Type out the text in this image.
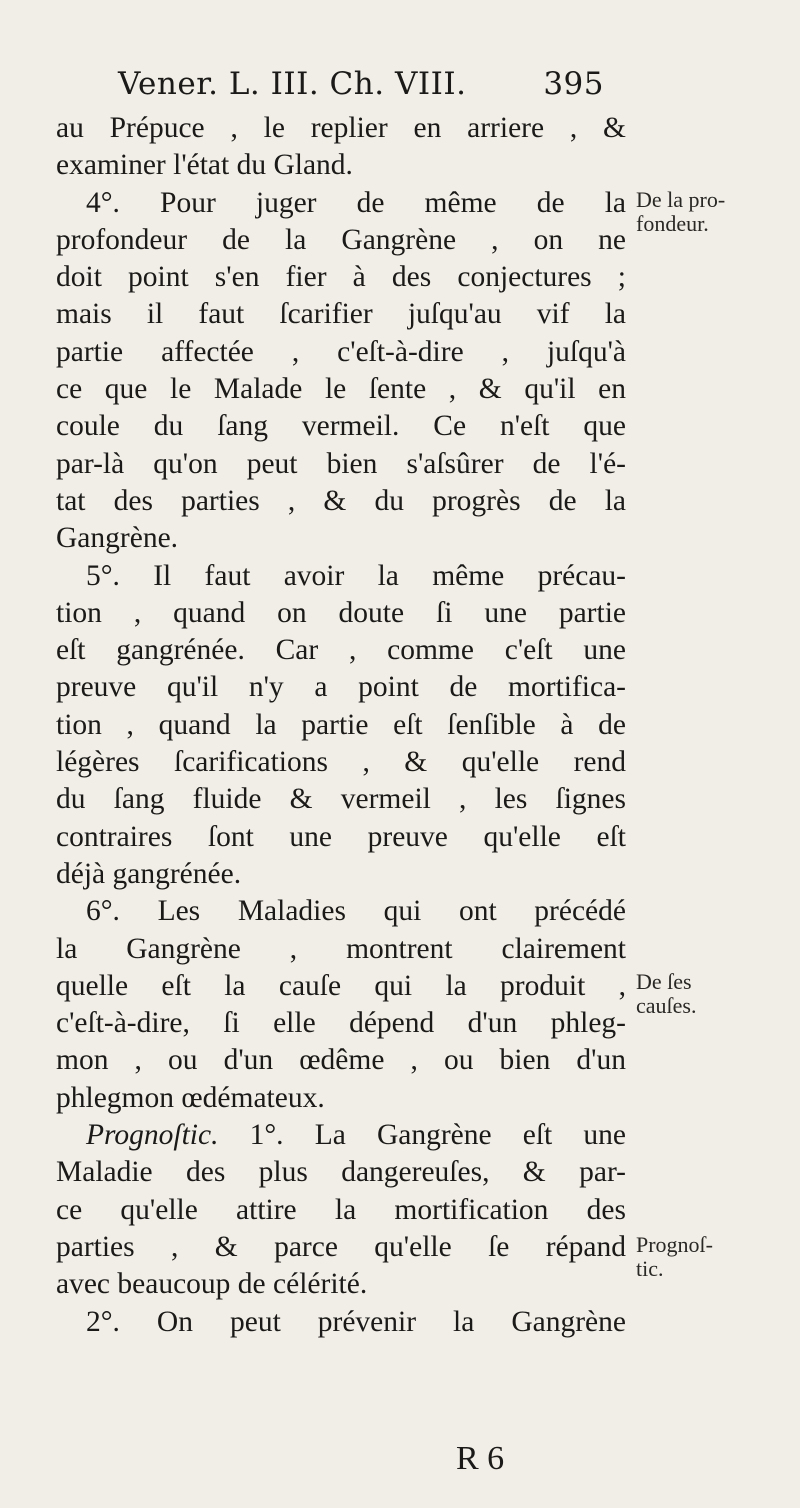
Vener. L. III. Ch. VIII. 395
au Prépuce , le replier en arriere , &
examiner l'état du Gland.
4°. Pour juger de même de la
profondeur de la Gangrène , on ne
doit point s'en fier à des conjectures ;
mais il faut ſcarifier juſqu'au vif la
partie affectée , c'eſt-à-dire , juſqu'à
ce que le Malade le ſente , & qu'il en
coule du ſang vermeil. Ce n'eſt que
par-là qu'on peut bien s'aſsûrer de l'é-
tat des parties , & du progrès de la
Gangrène.
5°. Il faut avoir la même précau-
tion , quand on doute ſi une partie
eſt gangrénée. Car , comme c'eſt une
preuve qu'il n'y a point de mortifica-
tion , quand la partie eſt ſenſible à de
légères ſcarifications , & qu'elle rend
du ſang fluide & vermeil , les ſignes
contraires ſont une preuve qu'elle eſt
déjà gangrénée.
6°. Les Maladies qui ont précédé
la Gangrène , montrent clairement
quelle eſt la cauſe qui la produit ,
c'eſt-à-dire, ſi elle dépend d'un phleg-
mon , ou d'un œdême , ou bien d'un
phlegmon œdémateux.
Prognoſtic. 1°. La Gangrène eſt une
Maladie des plus dangereuſes, & par-
ce qu'elle attire la mortification des
parties , & parce qu'elle ſe répand
avec beaucoup de célérité.
2°. On peut prévenir la Gangrène
De la pro-
fondeur.
De ſes
cauſes.
Prognoſ-
tic.
R 6
